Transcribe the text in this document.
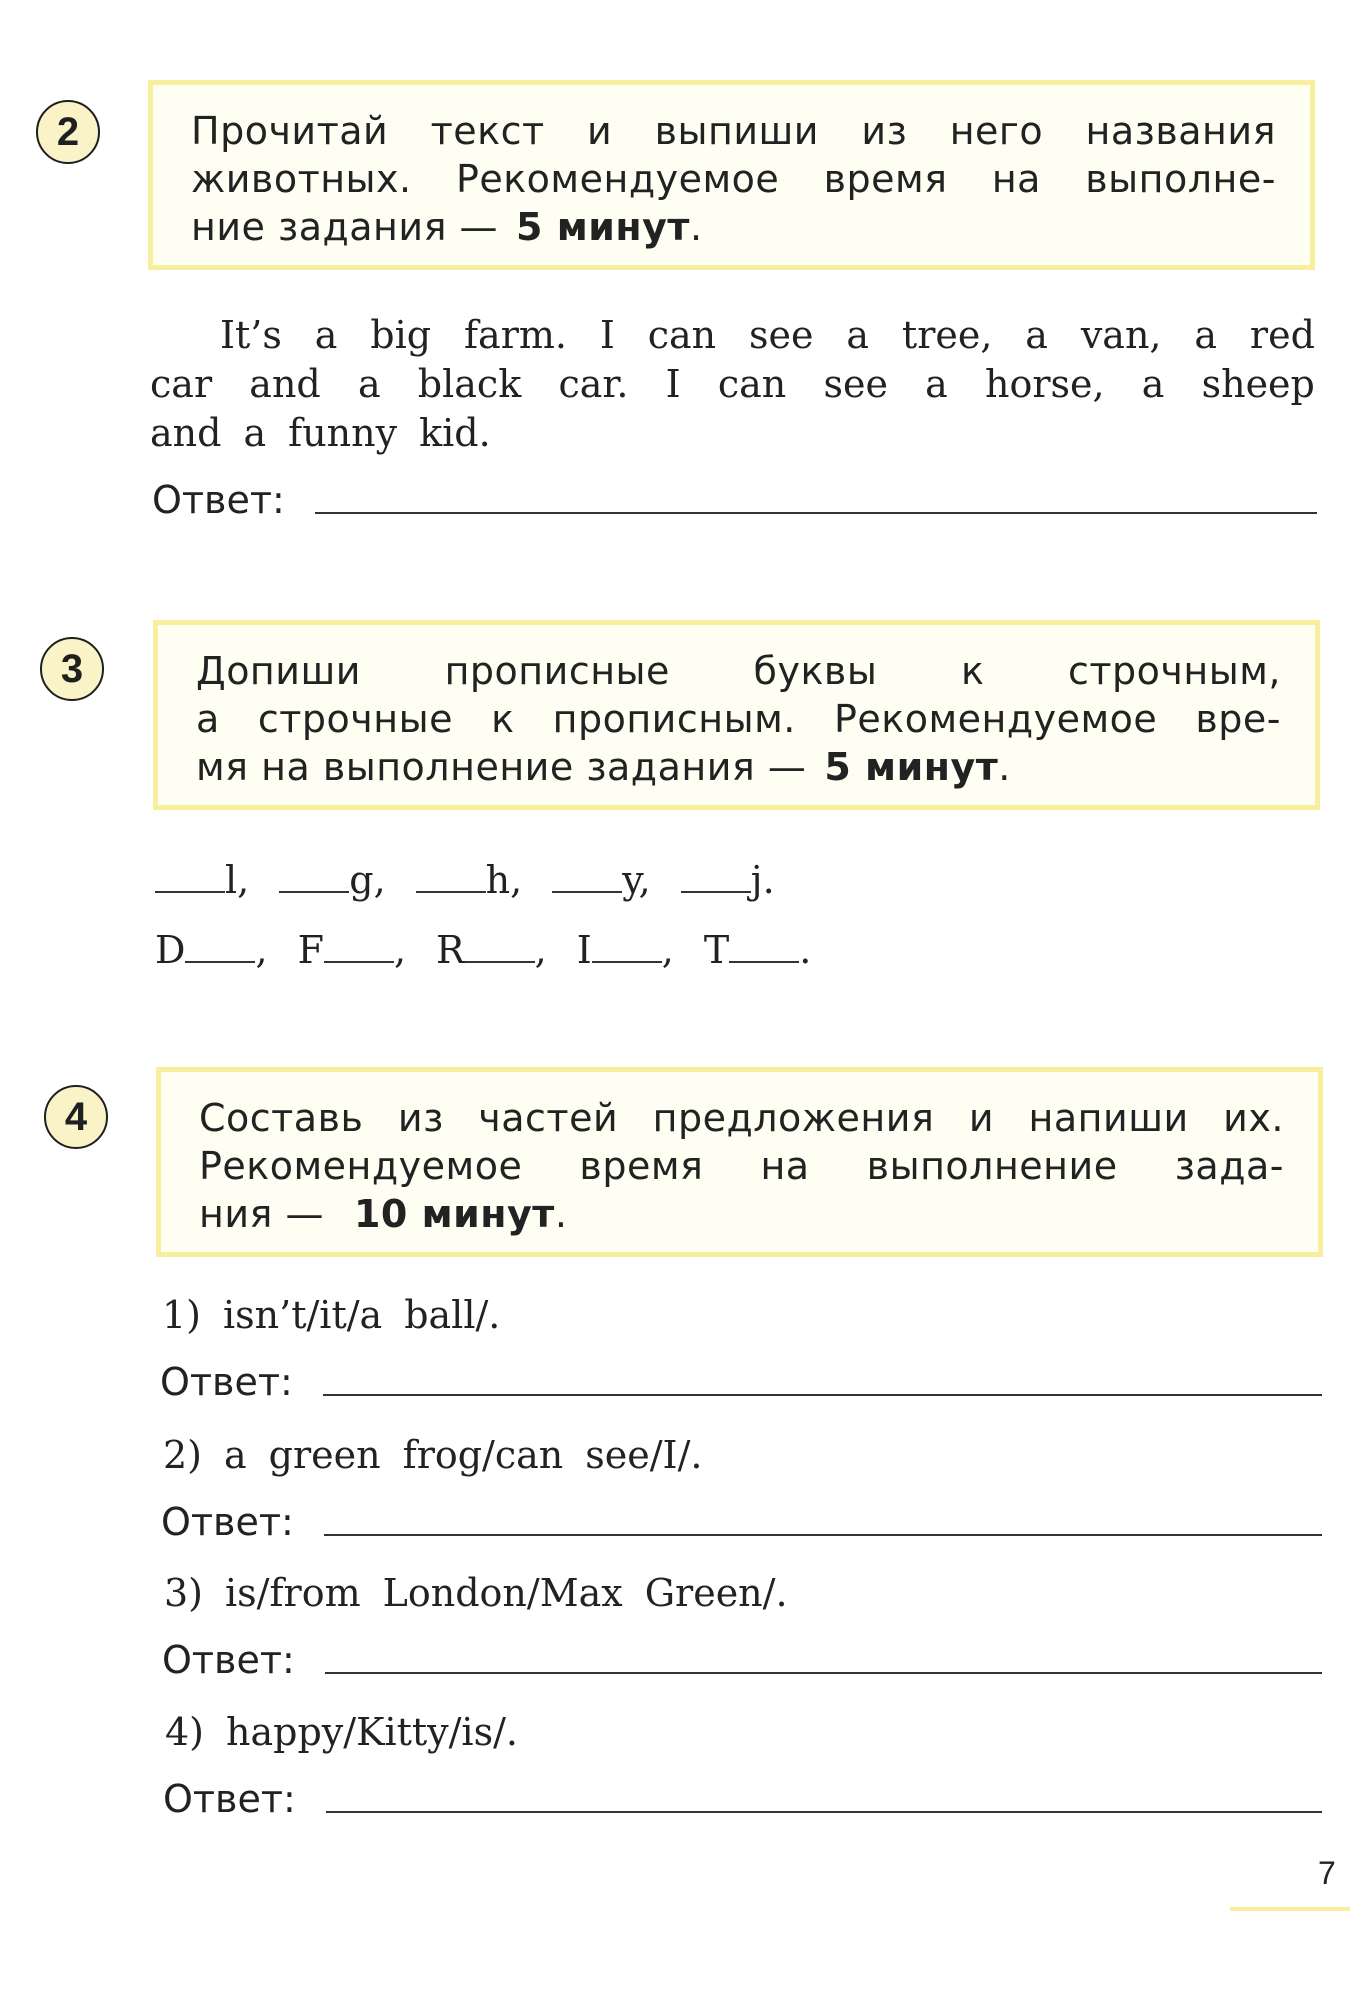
2	Прочитай текст и выпиши из него названия
животных. Рекомендуемое время на выполне-
ние задания — 5 минут .
It’s a big farm. I can see a tree, a van, a red
car and a black car. I can see a horse, a sheep
and a funny kid.
Ответ:
3	Допиши прописные буквы к строчным,
а строчные к прописным. Рекомендуемое вре-
мя на выполнение задания — 5 минут .
l,	g,	h,	y,	j.
D , F , R , I , T .
4	Составь из частей предложения и напиши их.
Рекомендуемое время на выполнение зада-
ния — 10 минут .
1) isn’t/it/a ball/.
Ответ:
2) a green frog/can see/I/.
Ответ:
3) is/from London/Max Green/.
Ответ:
4) happy/Kitty/is/.
Ответ:
7
